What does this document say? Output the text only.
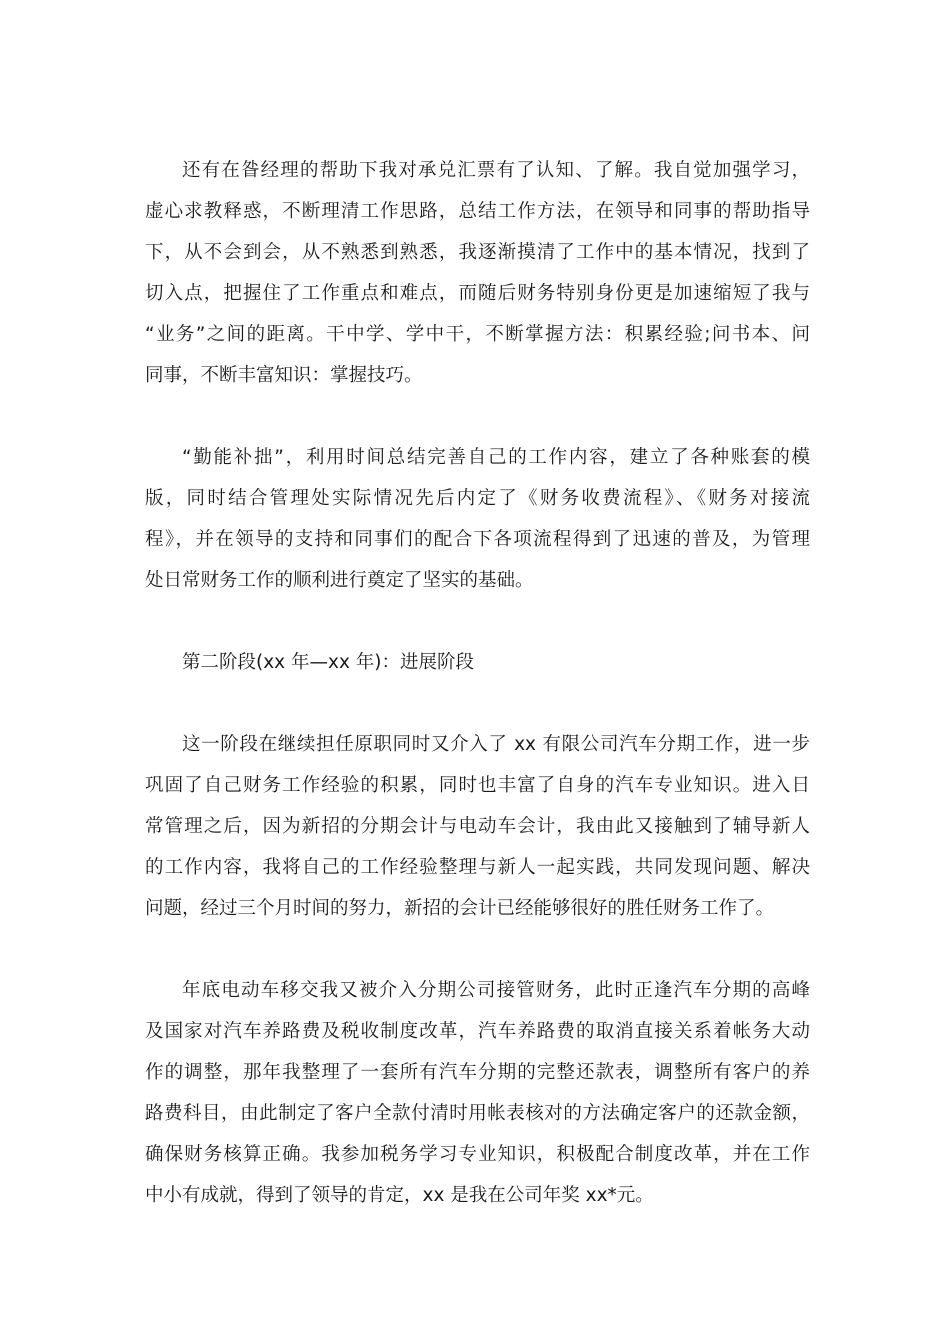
还有在昝经理的帮助下我对承兑汇票有了认知、了解。我自觉加强学习，
虚心求教释惑，不断理清工作思路，总结工作方法，在领导和同事的帮助指导
下，从不会到会，从不熟悉到熟悉，我逐渐摸清了工作中的基本情况，找到了
切入点，把握住了工作重点和难点，而随后财务特别身份更是加速缩短了我与
“业务”之间的距离。干中学、学中干，不断掌握方法：积累经验;问书本、问
同事，不断丰富知识：掌握技巧。
“勤能补拙”，利用时间总结完善自己的工作内容，建立了各种账套的模
版，同时结合管理处实际情况先后内定了《财务收费流程》、《财务对接流
程》，并在领导的支持和同事们的配合下各项流程得到了迅速的普及，为管理
处日常财务工作的顺利进行奠定了坚实的基础。
第二阶段(xx 年—xx 年)：进展阶段
这一阶段在继续担任原职同时又介入了 xx 有限公司汽车分期工作，进一步
巩固了自己财务工作经验的积累，同时也丰富了自身的汽车专业知识。进入日
常管理之后，因为新招的分期会计与电动车会计，我由此又接触到了辅导新人
的工作内容，我将自己的工作经验整理与新人一起实践，共同发现问题、解决
问题，经过三个月时间的努力，新招的会计已经能够很好的胜任财务工作了。
年底电动车移交我又被介入分期公司接管财务，此时正逢汽车分期的高峰
及国家对汽车养路费及税收制度改革，汽车养路费的取消直接关系着帐务大动
作的调整，那年我整理了一套所有汽车分期的完整还款表，调整所有客户的养
路费科目，由此制定了客户全款付清时用帐表核对的方法确定客户的还款金额，
确保财务核算正确。我参加税务学习专业知识，积极配合制度改革，并在工作
中小有成就，得到了领导的肯定，xx 是我在公司年奖 xx*元。
